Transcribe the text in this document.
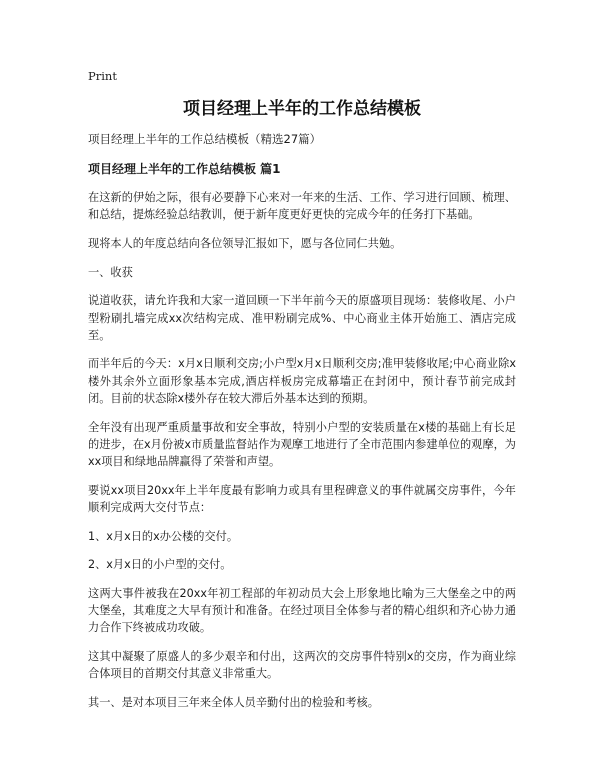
Print
项目经理上半年的工作总结模板
项目经理上半年的工作总结模板（精选27篇）
项目经理上半年的工作总结模板 篇1

在这新的伊始之际，很有必要静下心来对一年来的生活、工作、学习进行回顾、梳理、和总结，提炼经验总结教训，便于新年度更好更快的完成今年的任务打下基础。

现将本人的年度总结向各位领导汇报如下，愿与各位同仁共勉。

一、收获

说道收获，请允许我和大家一道回顾一下半年前今天的原盛项目现场：装修收尾、小户型粉刷扎墙完成xx次结构完成、准甲粉刷完成%、中心商业主体开始施工、酒店完成至。

而半年后的今天：x月x日顺利交房;小户型x月x日顺利交房;准甲装修收尾;中心商业除x楼外其余外立面形象基本完成,酒店样板房完成幕墙正在封闭中，预计春节前完成封闭。目前的状态除x楼外存在较大滞后外基本达到的预期。

全年没有出现严重质量事故和安全事故，特别小户型的安装质量在x楼的基础上有长足的进步，在x月份被x市质量监督站作为观摩工地进行了全市范围内参建单位的观摩，为xx项目和绿地品牌赢得了荣誉和声望。

要说xx项目20xx年上半年度最有影响力或具有里程碑意义的事件就属交房事件，今年顺利完成两大交付节点：

1、x月x日的x办公楼的交付。

2、x月x日的小户型的交付。

这两大事件被我在20xx年初工程部的年初动员大会上形象地比喻为三大堡垒之中的两大堡垒，其难度之大早有预计和准备。在经过项目全体参与者的精心组织和齐心协力通力合作下终被成功攻破。

这其中凝聚了原盛人的多少艰辛和付出，这两次的交房事件特别x的交房，作为商业综合体项目的首期交付其意义非常重大。

其一、是对本项目三年来全体人员辛勤付出的检验和考核。
